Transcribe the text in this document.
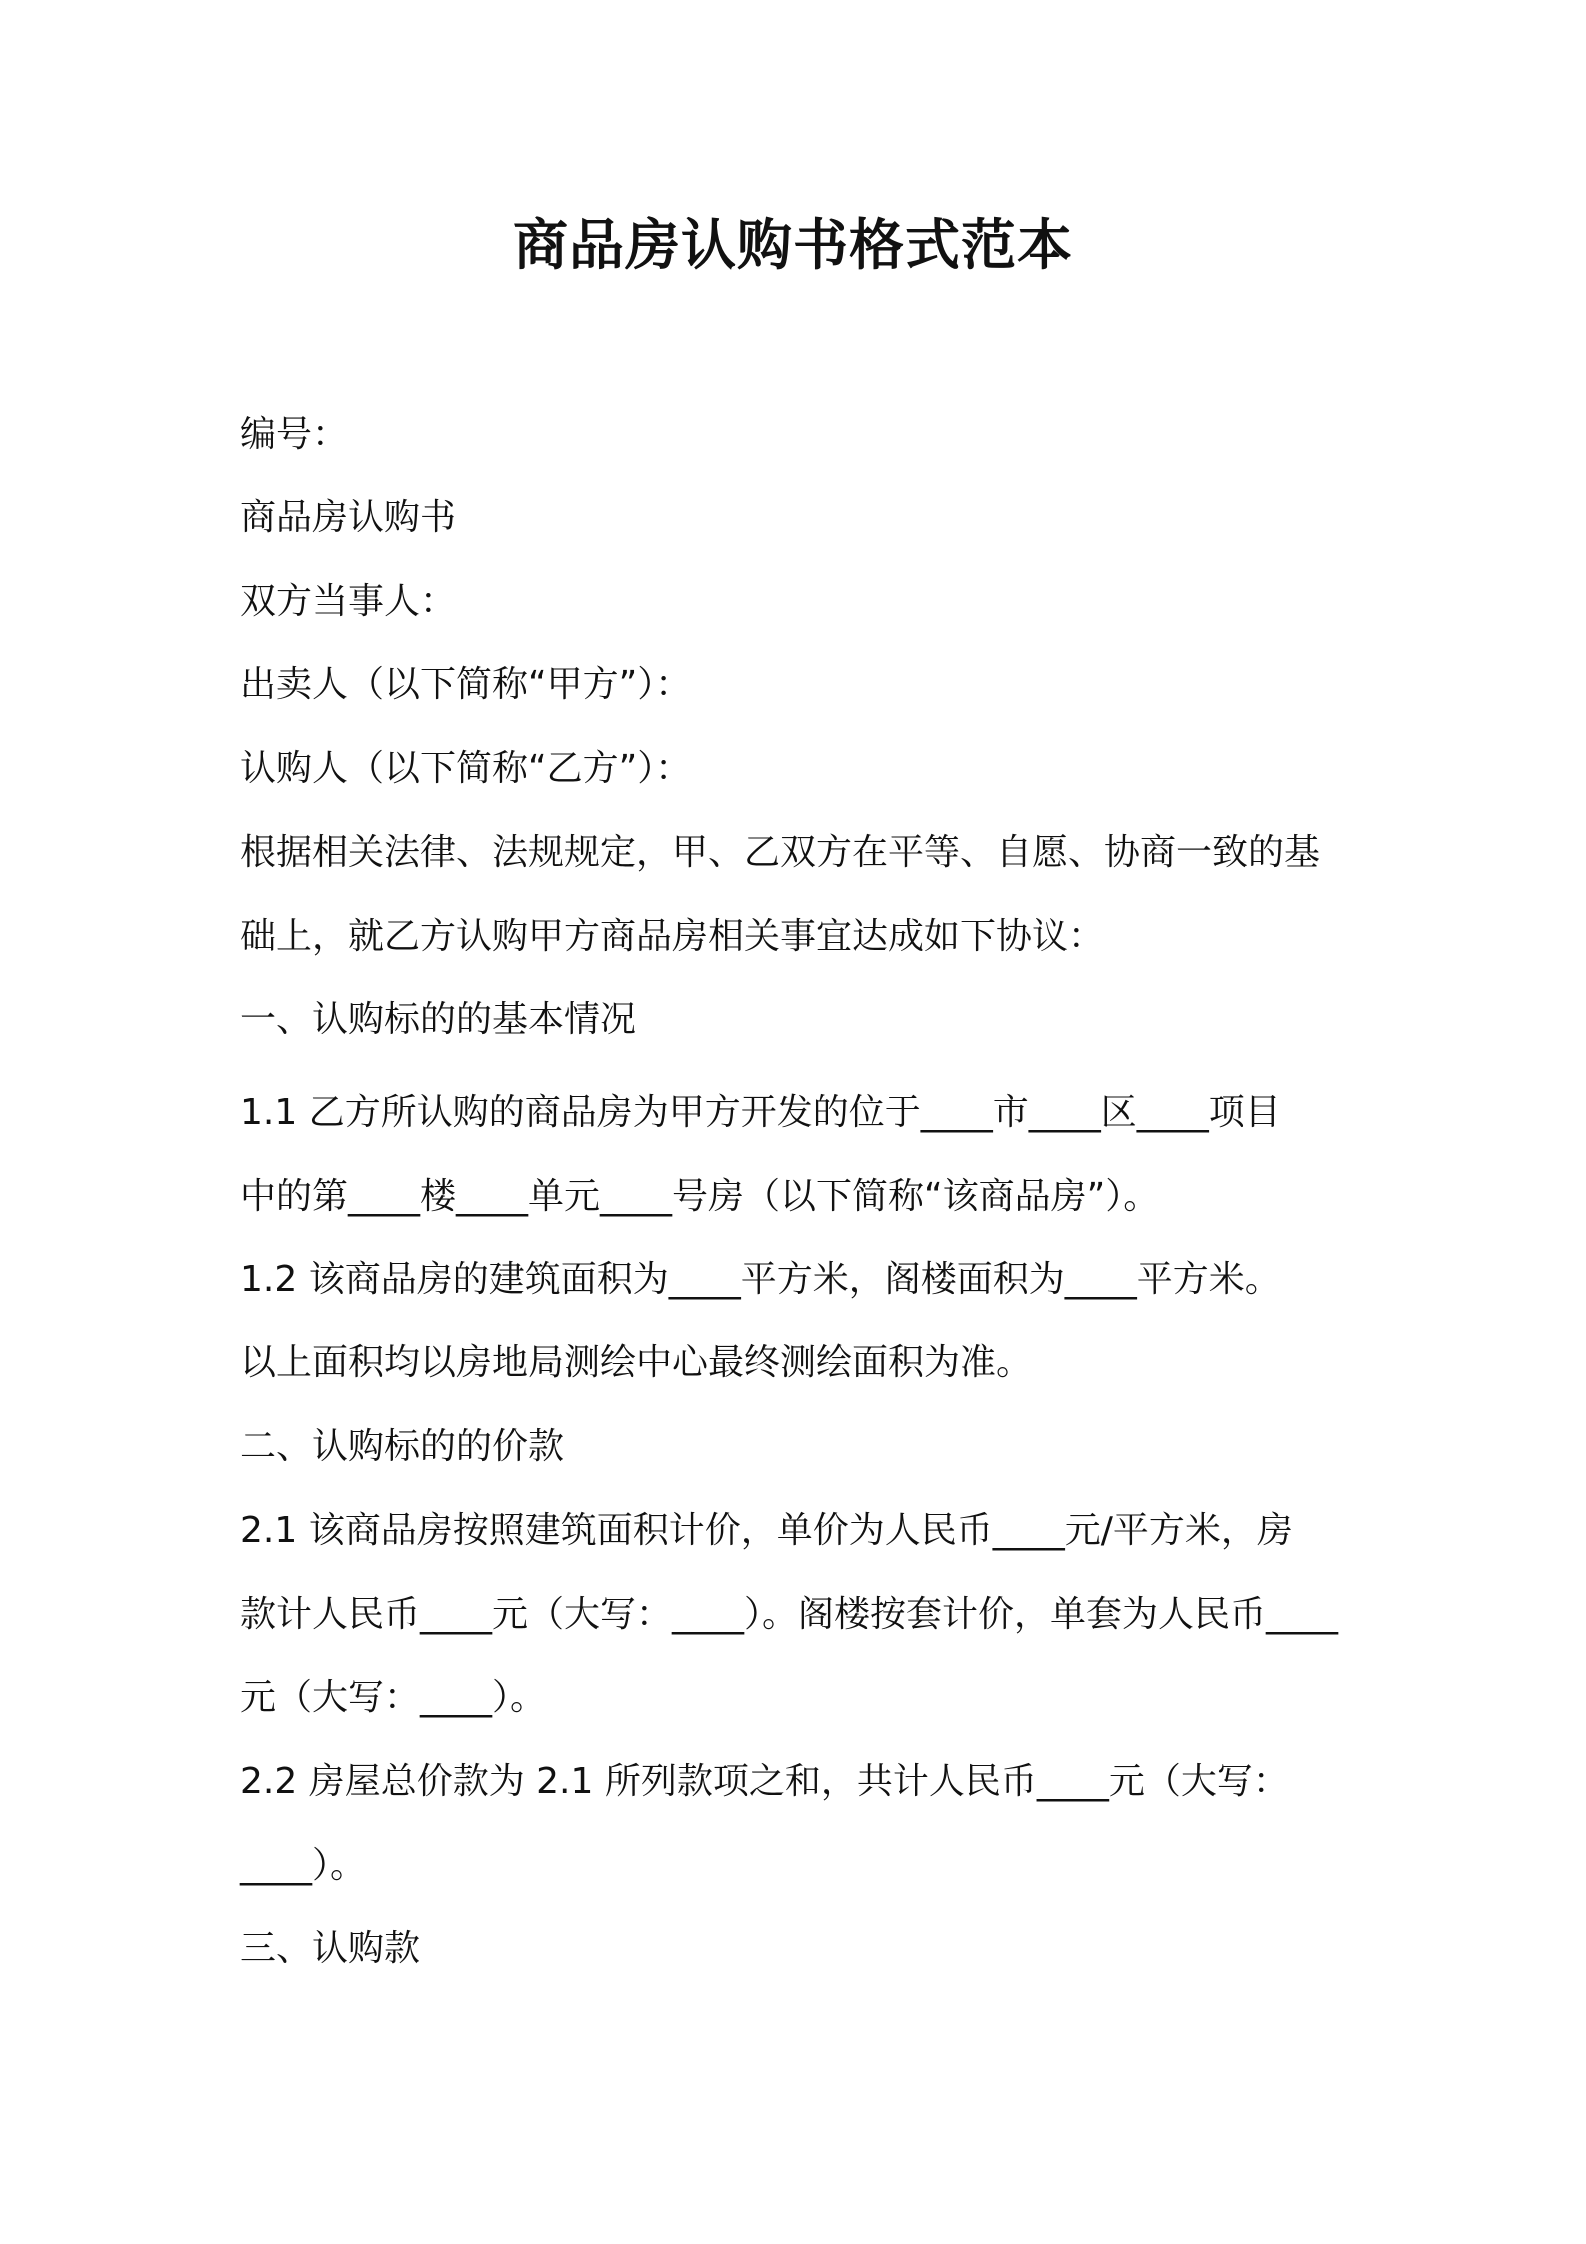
商品房认购书格式范本

编号：

商品房认购书

双方当事人：

出卖人（以下简称“甲方”）：

认购人（以下简称“乙方”）：

根据相关法律、法规规定，甲、乙双方在平等、自愿、协商一致的基

础上，就乙方认购甲方商品房相关事宜达成如下协议：

一、认购标的的基本情况

1.1 乙方所认购的商品房为甲方开发的位于____市____区____项目

中的第____楼____单元____号房（以下简称“该商品房”）。

1.2 该商品房的建筑面积为____平方米，阁楼面积为____平方米。

以上面积均以房地局测绘中心最终测绘面积为准。

二、认购标的的价款

2.1 该商品房按照建筑面积计价，单价为人民币____元/平方米，房

款计人民币____元（大写：____）。阁楼按套计价，单套为人民币____

元（大写：____）。

2.2 房屋总价款为 2.1 所列款项之和，共计人民币____元（大写：

____）。

三、认购款
